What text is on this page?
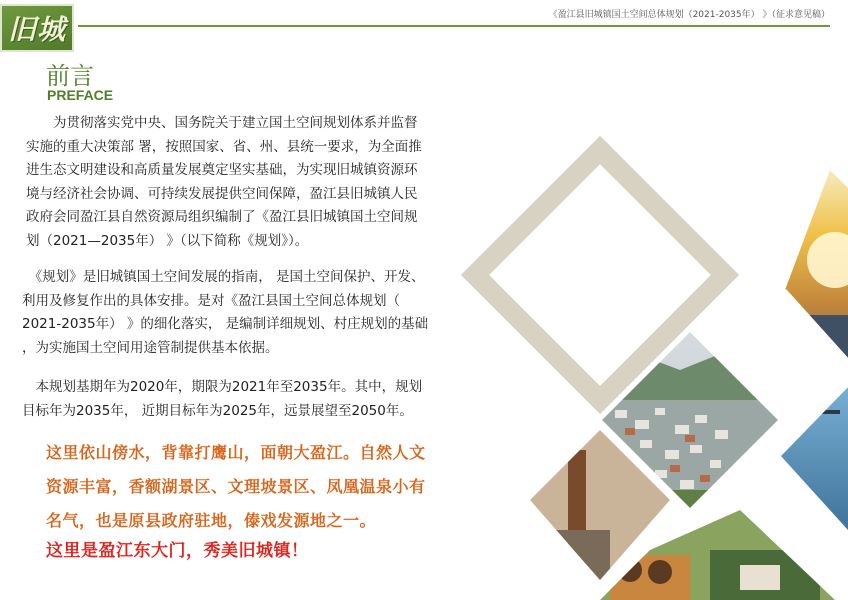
旧城	《盈江县旧城镇国土空间总体规划（2021-2035年） 》（征求意见稿）
前言
PREFACE
　　为贯彻落实党中央、国务院关于建立国土空间规划体系并监督
实施的重大决策部 署，按照国家、省、州、县统一要求，为全面推
进生态文明建设和高质量发展奠定坚实基础，为实现旧城镇资源环
境与经济社会协调、可持续发展提供空间保障，盈江县旧城镇人民
政府会同盈江县自然资源局组织编制了《盈江县旧城镇国土空间规
划（2021—2035年） 》（以下简称《规划》）。
　《规划》是旧城镇国土空间发展的指南， 是国土空间保护、开发、
利用及修复作出的具体安排。是对《盈江县国土空间总体规划（
2021-2035年） 》的细化落实， 是编制详细规划、村庄规划的基础
，为实施国土空间用途管制提供基本依据。
　本规划基期年为2020年，期限为2021年至2035年。其中，规划
目标年为2035年， 近期目标年为2025年，远景展望至2050年。
这里依山傍水，背靠打鹰山，面朝大盈江。自然人文
资源丰富，香额湖景区、文理坡景区、凤凰温泉小有
名气，也是原县政府驻地，傣戏发源地之一。
这里是盈江东大门，秀美旧城镇！
